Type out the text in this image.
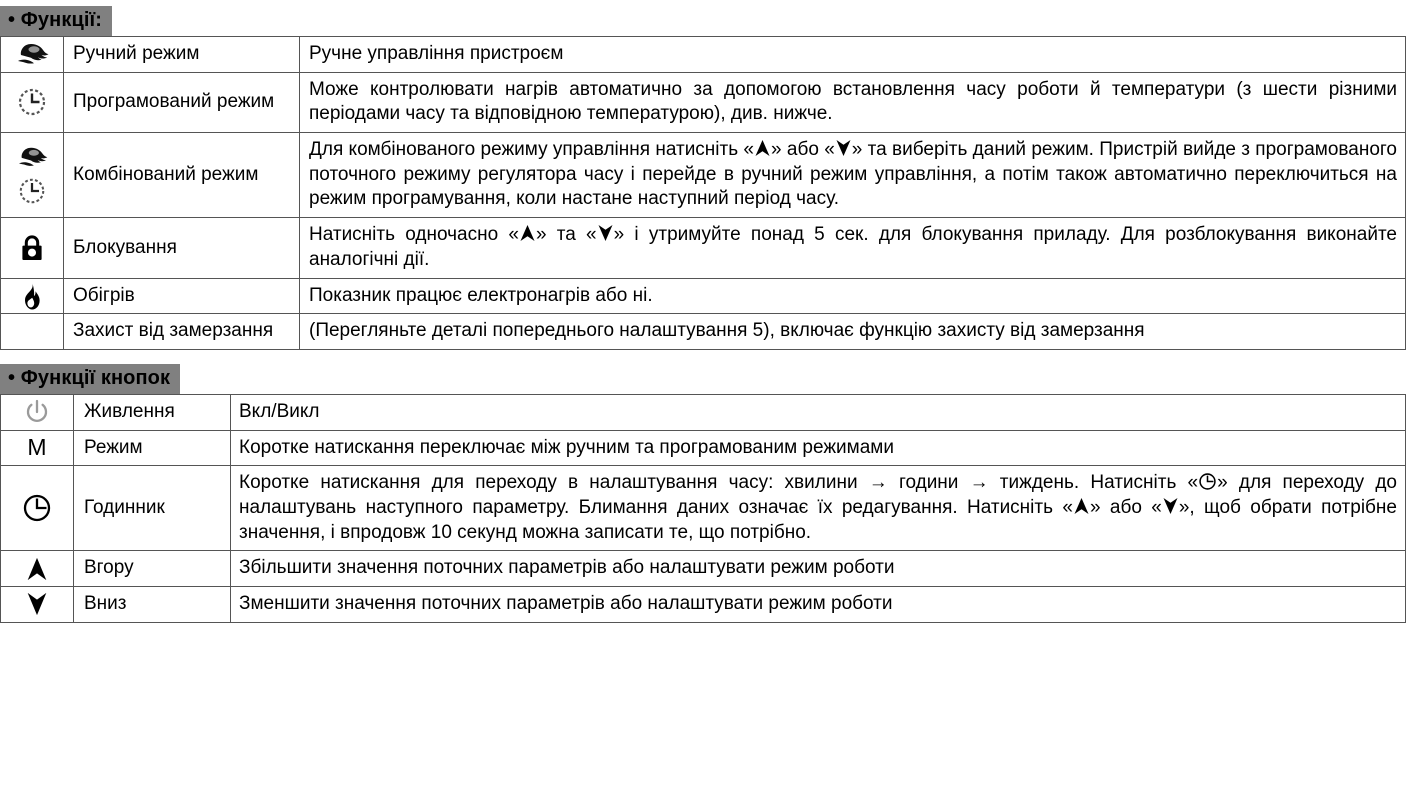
• Функції:

Ручний режим	Ручне управління пристроєм

Програмований режим	Може контролювати нагрів автоматично за допомогою встановлення часу роботи й температури (з шести різними періодами часу та відповідною температурою), див. нижче.

Комбінований режим	Для комбінованого режиму управління натисніть « » або « » та виберіть даний режим. Пристрій вийде з програмованого поточного режиму регулятора часу і перейде в ручний режим управління, а потім також автоматично переключиться на режим програмування, коли настане наступний період часу.

Блокування	Натисніть одночасно « » та « » і утримуйте понад 5 сек. для блокування приладу. Для розблокування виконайте аналогічні дії.

Обігрів	Показник працює електронагрів або ні.

	Захист від замерзання	(Перегляньте деталі попереднього налаштування 5), включає функцію захисту від замерзання
• Функції кнопок

Живлення	Вкл/Викл

M	Режим	Коротке натискання переключає між ручним та програмованим режимами

Годинник	Коротке натискання для переходу в налаштування часу: хвилини → години → тиждень. Натисніть « » для переходу до налаштувань наступного параметру. Блимання даних означає їх редагування. Натисніть « » або « », щоб обрати потрібне значення, і впродовж 10 секунд можна записати те, що потрібно.

Вгору	Збільшити значення поточних параметрів або налаштувати режим роботи

Вниз	Зменшити значення поточних параметрів або налаштувати режим роботи
